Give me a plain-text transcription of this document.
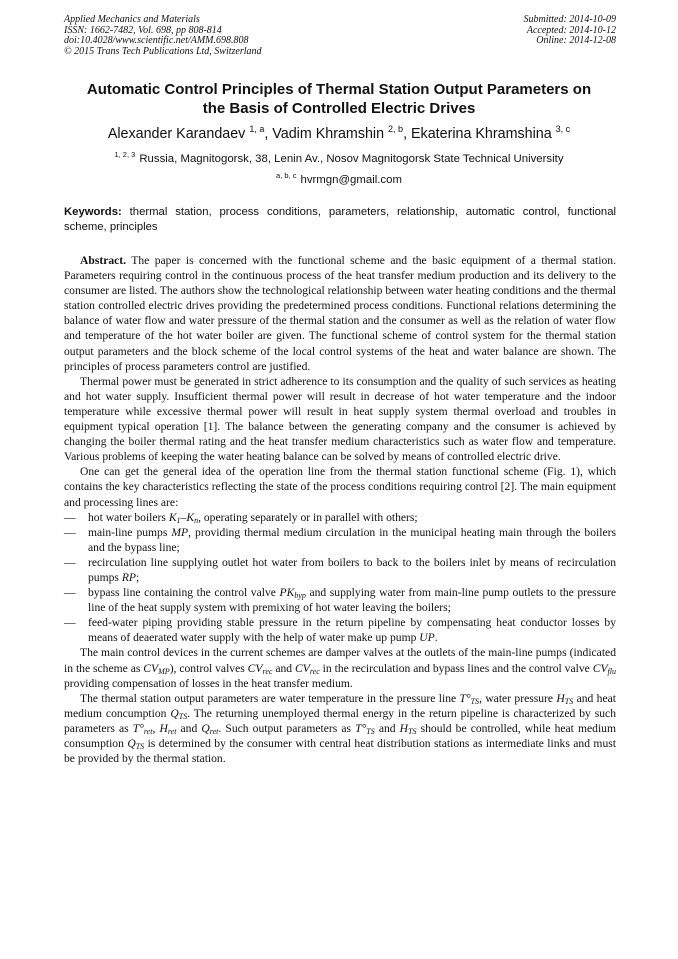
Applied Mechanics and Materials
ISSN: 1662-7482, Vol. 698, pp 808-814
doi:10.4028/www.scientific.net/AMM.698.808
© 2015 Trans Tech Publications Ltd, Switzerland
Submitted: 2014-10-09
Accepted: 2014-10-12
Online: 2014-12-08
Automatic Control Principles of Thermal Station Output Parameters on
the Basis of Controlled Electric Drives
Alexander Karandaev $^{1, a}$, Vadim Khramshin $^{2, b}$, Ekaterina Khramshina $^{3, c}$
$^{1, 2, 3}$ Russia, Magnitogorsk, 38, Lenin Av., Nosov Magnitogorsk State Technical University
$^{a, b, c}$ hvrmgn@gmail.com
Keywords: thermal station, process conditions, parameters, relationship, automatic control, functional scheme, principles

Abstract. The paper is concerned with the functional scheme and the basic equipment of a thermal station. Parameters requiring control in the continuous process of the heat transfer medium production and its delivery to the consumer are listed. The authors show the technological relationship between water heating conditions and the thermal station controlled electric drives providing the predetermined process conditions. Functional relations determining the balance of water flow and water pressure of the thermal station and the consumer as well as the relation of water flow and temperature of the hot water boiler are given. The functional scheme of control system for the thermal station output parameters and the block scheme of the local control systems of the heat and water balance are shown. The principles of process parameters control are justified.

Thermal power must be generated in strict adherence to its consumption and the quality of such services as heating and hot water supply. Insufficient thermal power will result in decrease of hot water temperature and the indoor temperature while excessive thermal power will result in heat supply system thermal overload and troubles in equipment typical operation [1]. The balance between the generating company and the consumer is achieved by changing the boiler thermal rating and the heat transfer medium characteristics such as water flow and temperature. Various problems of keeping the water heating balance can be solved by means of controlled electric drive.

One can get the general idea of the operation line from the thermal station functional scheme (Fig. 1), which contains the key characteristics reflecting the state of the process conditions requiring control [2]. The main equipment and processing lines are:

— hot water boilers $K_1-K_n$, operating separately or in parallel with others;
— main-line pumps MP, providing thermal medium circulation in the municipal heating main through the boilers and the bypass line;
— recirculation line supplying outlet hot water from boilers to back to the boilers inlet by means of recirculation pumps RP;
— bypass line containing the control valve $PK_{byp}$ and supplying water from main-line pump outlets to the pressure line of the heat supply system with premixing of hot water leaving the boilers;
— feed-water piping providing stable pressure in the return pipeline by compensating heat conductor losses by means of deaerated water supply with the help of water make up pump UP.

The main control devices in the current schemes are damper valves at the outlets of the main-line pumps (indicated in the scheme as $CV_{MP}$), control valves $CV_{rec}$ and $CV_{rec}$ in the recirculation and bypass lines and the control valve $CV_{flu}$ providing compensation of losses in the heat transfer medium.

The thermal station output parameters are water temperature in the pressure line $T^\circ_{TS}$, water pressure $H_{TS}$ and heat medium concumption $Q_{TS}$. The returning unemployed thermal energy in the return pipeline is characterized by such parameters as $T^\circ_{ret}$, $H_{ret}$ and $Q_{ret}$. Such output parameters as $T^\circ_{TS}$ and $H_{TS}$ should be controlled, while heat medium consumption $Q_{TS}$ is determined by the consumer with central heat distribution stations as intermediate links and must be provided by the thermal station.
